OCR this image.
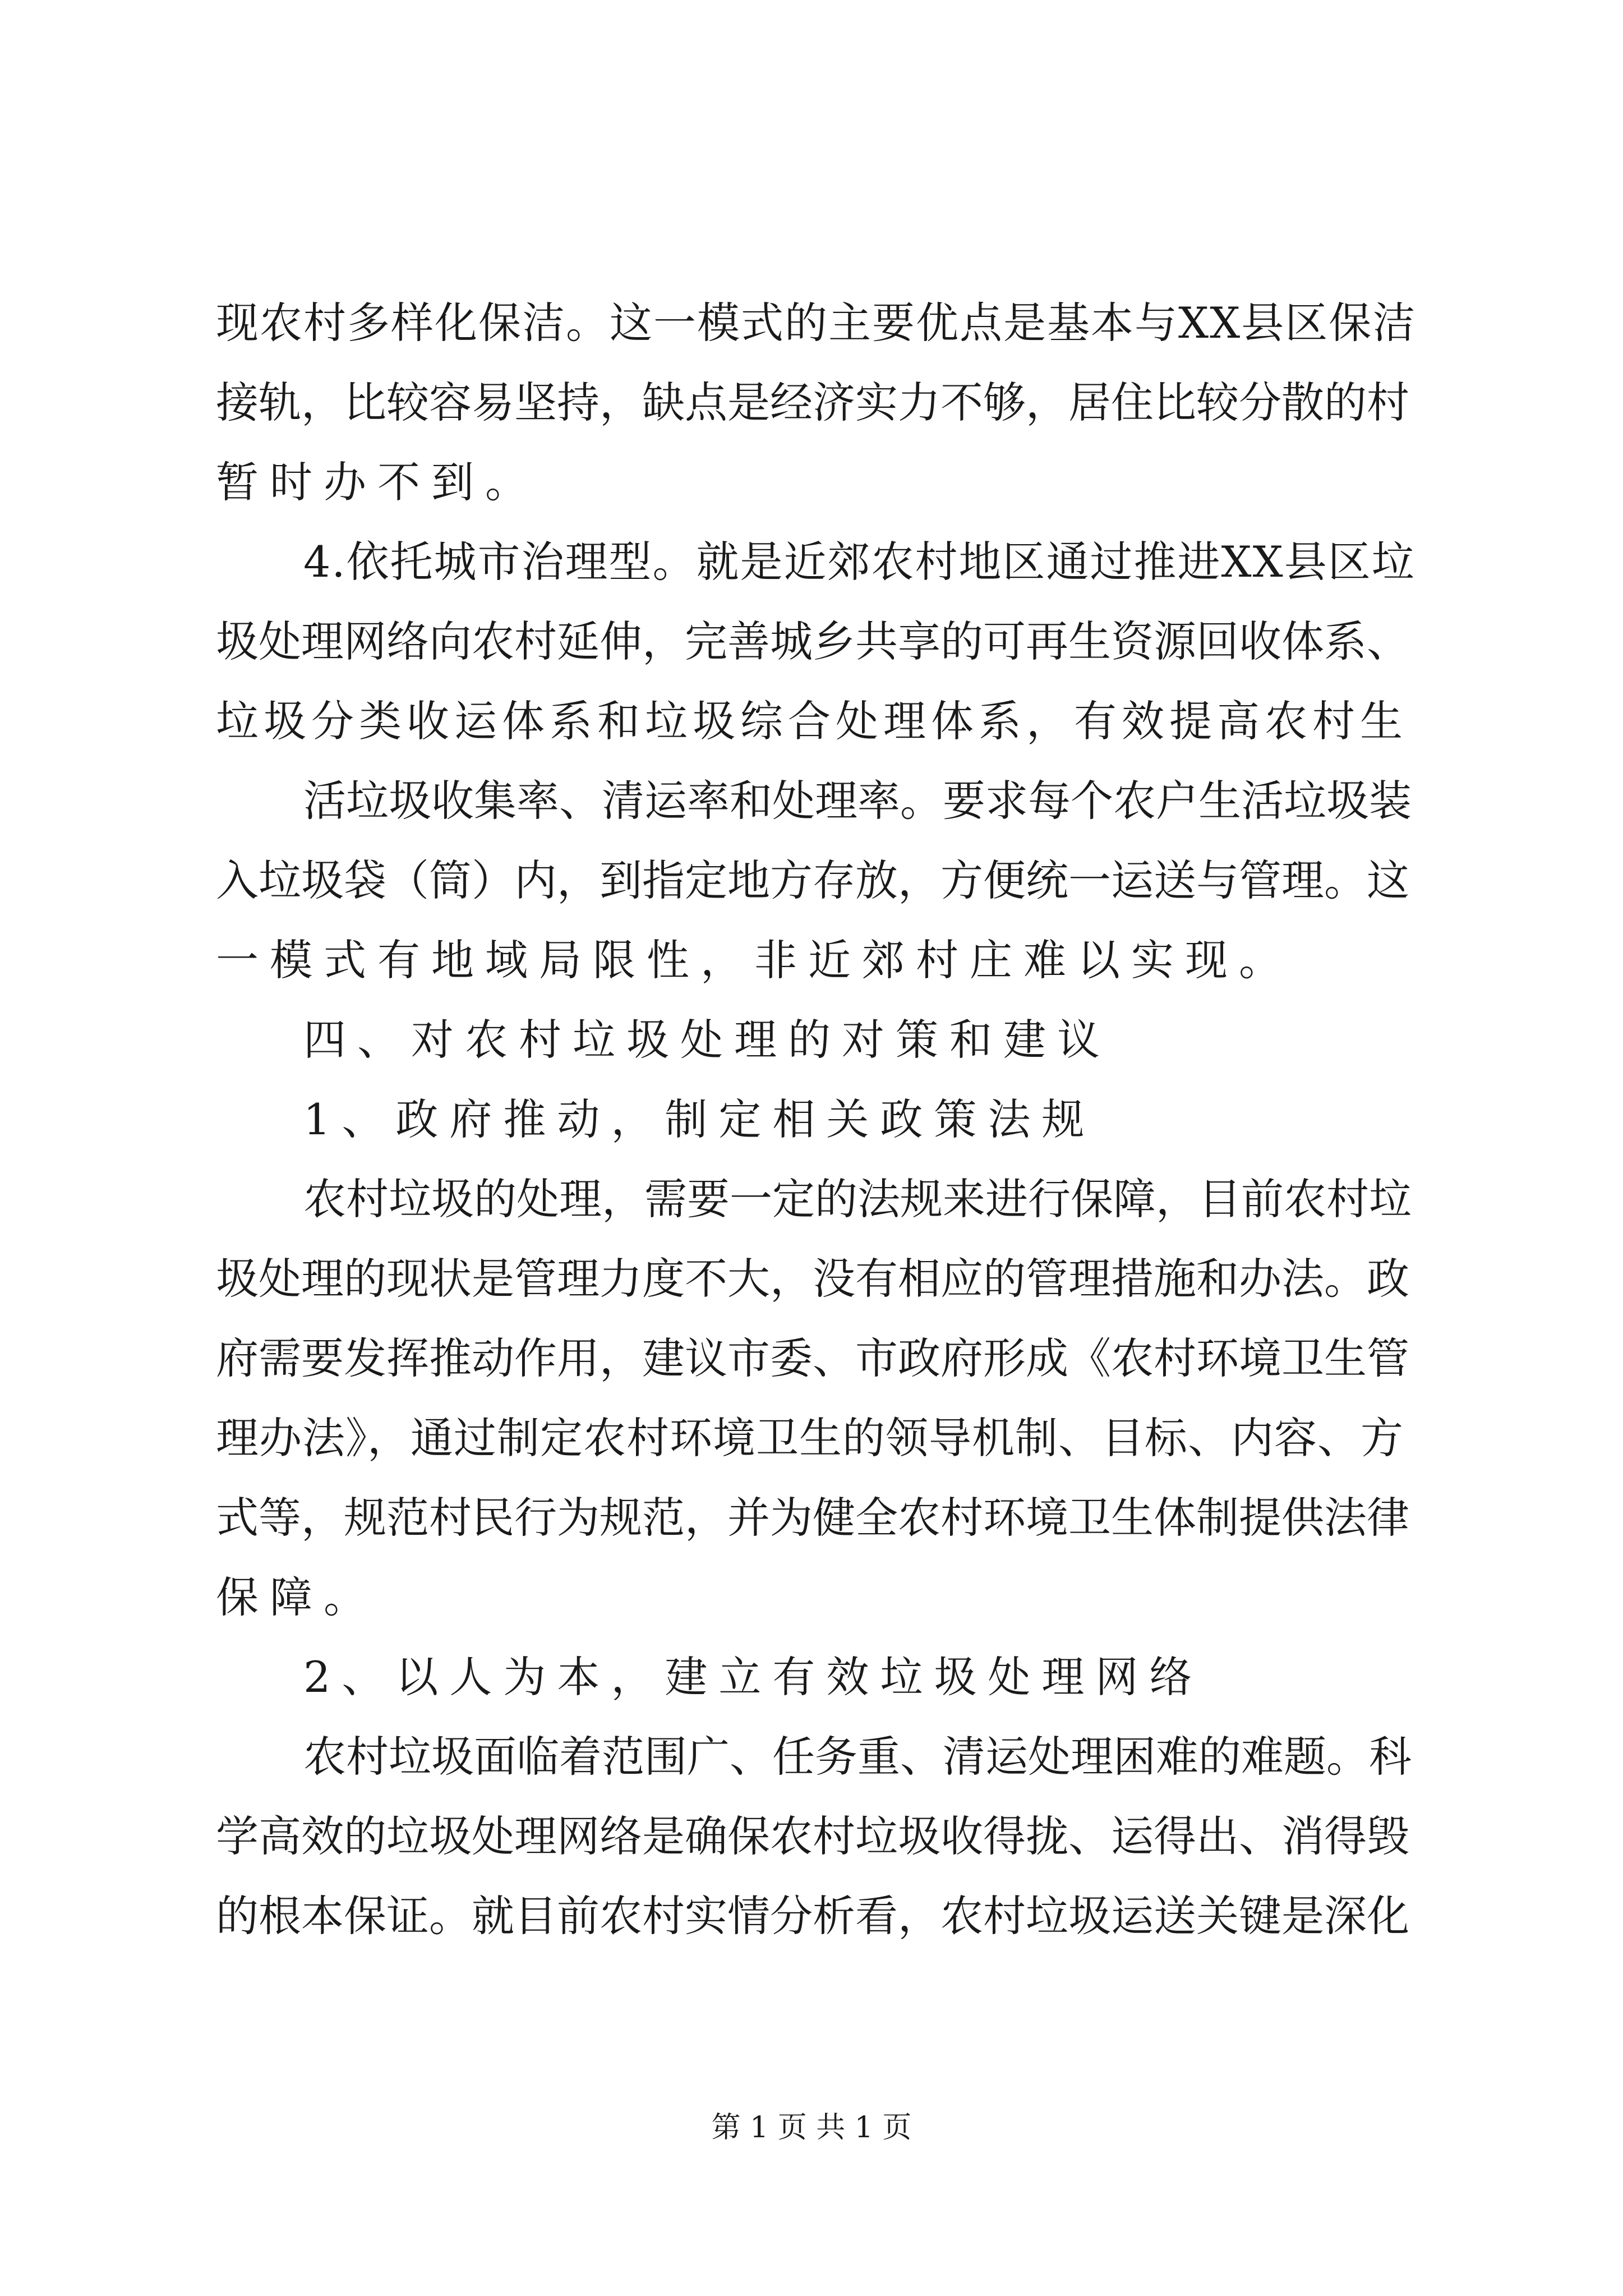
现农村多样化保洁。这一模式的主要优点是基本与XX县区保洁
接轨，比较容易坚持，缺点是经济实力不够，居住比较分散的村
暂时办不到。
4.依托城市治理型。就是近郊农村地区通过推进XX县区垃
圾处理网络向农村延伸，完善城乡共享的可再生资源回收体系、
垃圾分类收运体系和垃圾综合处理体系，有效提高农村生
活垃圾收集率、清运率和处理率。要求每个农户生活垃圾装
入垃圾袋（筒）内，到指定地方存放，方便统一运送与管理。这
一模式有地域局限性，非近郊村庄难以实现。
四、对农村垃圾处理的对策和建议
1、政府推动，制定相关政策法规
农村垃圾的处理，需要一定的法规来进行保障，目前农村垃
圾处理的现状是管理力度不大，没有相应的管理措施和办法。政
府需要发挥推动作用，建议市委、市政府形成《农村环境卫生管
理办法》，通过制定农村环境卫生的领导机制、目标、内容、方
式等，规范村民行为规范，并为健全农村环境卫生体制提供法律
保障。
2、以人为本，建立有效垃圾处理网络
农村垃圾面临着范围广、任务重、清运处理困难的难题。科
学高效的垃圾处理网络是确保农村垃圾收得拢、运得出、消得毁
的根本保证。就目前农村实情分析看，农村垃圾运送关键是深化
第 1 页 共 1 页
